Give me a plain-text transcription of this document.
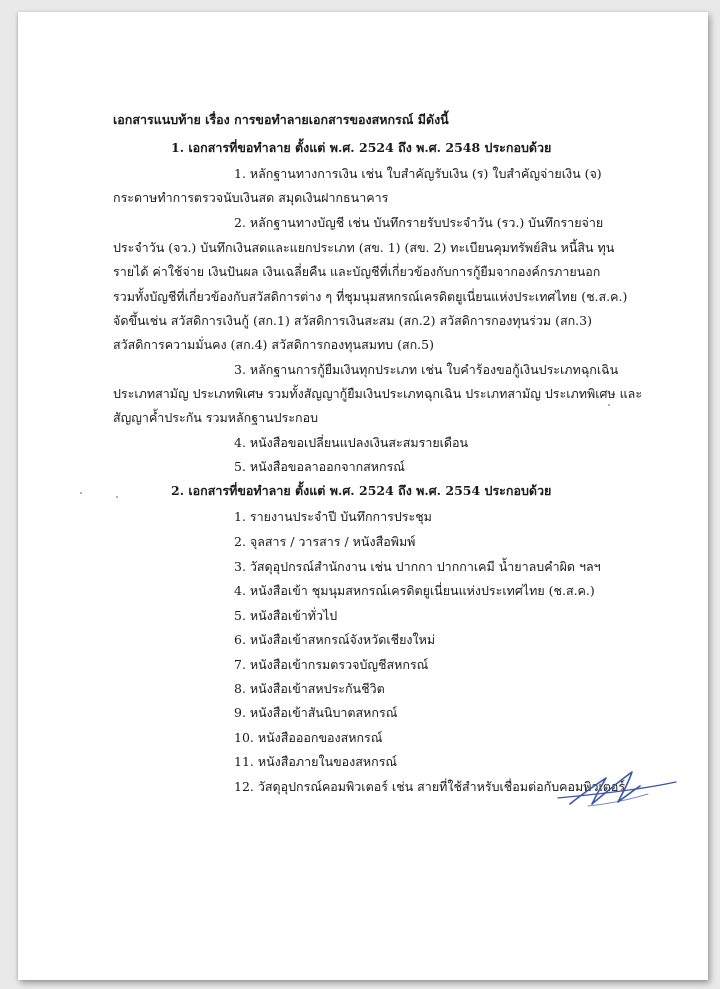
เอกสารแนบท้าย เรื่อง การขอทำลายเอกสารของสหกรณ์ มีดังนี้
1. เอกสารที่ขอทำลาย ตั้งแต่ พ.ศ. 2524 ถึง พ.ศ. 2548 ประกอบด้วย
1. หลักฐานทางการเงิน เช่น ใบสำคัญรับเงิน (ร) ใบสำคัญจ่ายเงิน (จ)
กระดาษทำการตรวจนับเงินสด สมุดเงินฝากธนาคาร
2. หลักฐานทางบัญชี เช่น บันทึกรายรับประจำวัน (รว.) บันทึกรายจ่าย
ประจำวัน (จว.) บันทึกเงินสดและแยกประเภท (สข. 1) (สข. 2) ทะเบียนคุมทรัพย์สิน หนี้สิน ทุน
รายได้ ค่าใช้จ่าย เงินปันผล เงินเฉลี่ยคืน และบัญชีที่เกี่ยวข้องกับการกู้ยืมจากองค์กรภายนอก
รวมทั้งบัญชีที่เกี่ยวข้องกับสวัสดิการต่าง ๆ ที่ชุมนุมสหกรณ์เครดิตยูเนี่ยนแห่งประเทศไทย (ช.ส.ค.)
จัดขึ้นเช่น สวัสดิการเงินกู้ (สก.1) สวัสดิการเงินสะสม (สก.2) สวัสดิการกองทุนร่วม (สก.3)
สวัสดิการความมั่นคง (สก.4) สวัสดิการกองทุนสมทบ (สก.5)
3. หลักฐานการกู้ยืมเงินทุกประเภท เช่น ใบคำร้องขอกู้เงินประเภทฉุกเฉิน
ประเภทสามัญ ประเภทพิเศษ รวมทั้งสัญญากู้ยืมเงินประเภทฉุกเฉิน ประเภทสามัญ ประเภทพิเศษ และ
สัญญาค้ำประกัน รวมหลักฐานประกอบ
4. หนังสือขอเปลี่ยนแปลงเงินสะสมรายเดือน
5. หนังสือขอลาออกจากสหกรณ์
2. เอกสารที่ขอทำลาย ตั้งแต่ พ.ศ. 2524 ถึง พ.ศ. 2554 ประกอบด้วย
1. รายงานประจำปี บันทึกการประชุม
2. จุลสาร / วารสาร / หนังสือพิมพ์
3. วัสดุอุปกรณ์สำนักงาน เช่น ปากกา ปากกาเคมี น้ำยาลบคำผิด ฯลฯ
4. หนังสือเข้า ชุมนุมสหกรณ์เครดิตยูเนี่ยนแห่งประเทศไทย (ช.ส.ค.)
5. หนังสือเข้าทั่วไป
6. หนังสือเข้าสหกรณ์จังหวัดเชียงใหม่
7. หนังสือเข้ากรมตรวจบัญชีสหกรณ์
8. หนังสือเข้าสหประกันชีวิต
9. หนังสือเข้าสันนิบาตสหกรณ์
10. หนังสือออกของสหกรณ์
11. หนังสือภายในของสหกรณ์
12. วัสดุอุปกรณ์คอมพิวเตอร์ เช่น สายที่ใช้สำหรับเชื่อมต่อกับคอมพิวเตอร์
